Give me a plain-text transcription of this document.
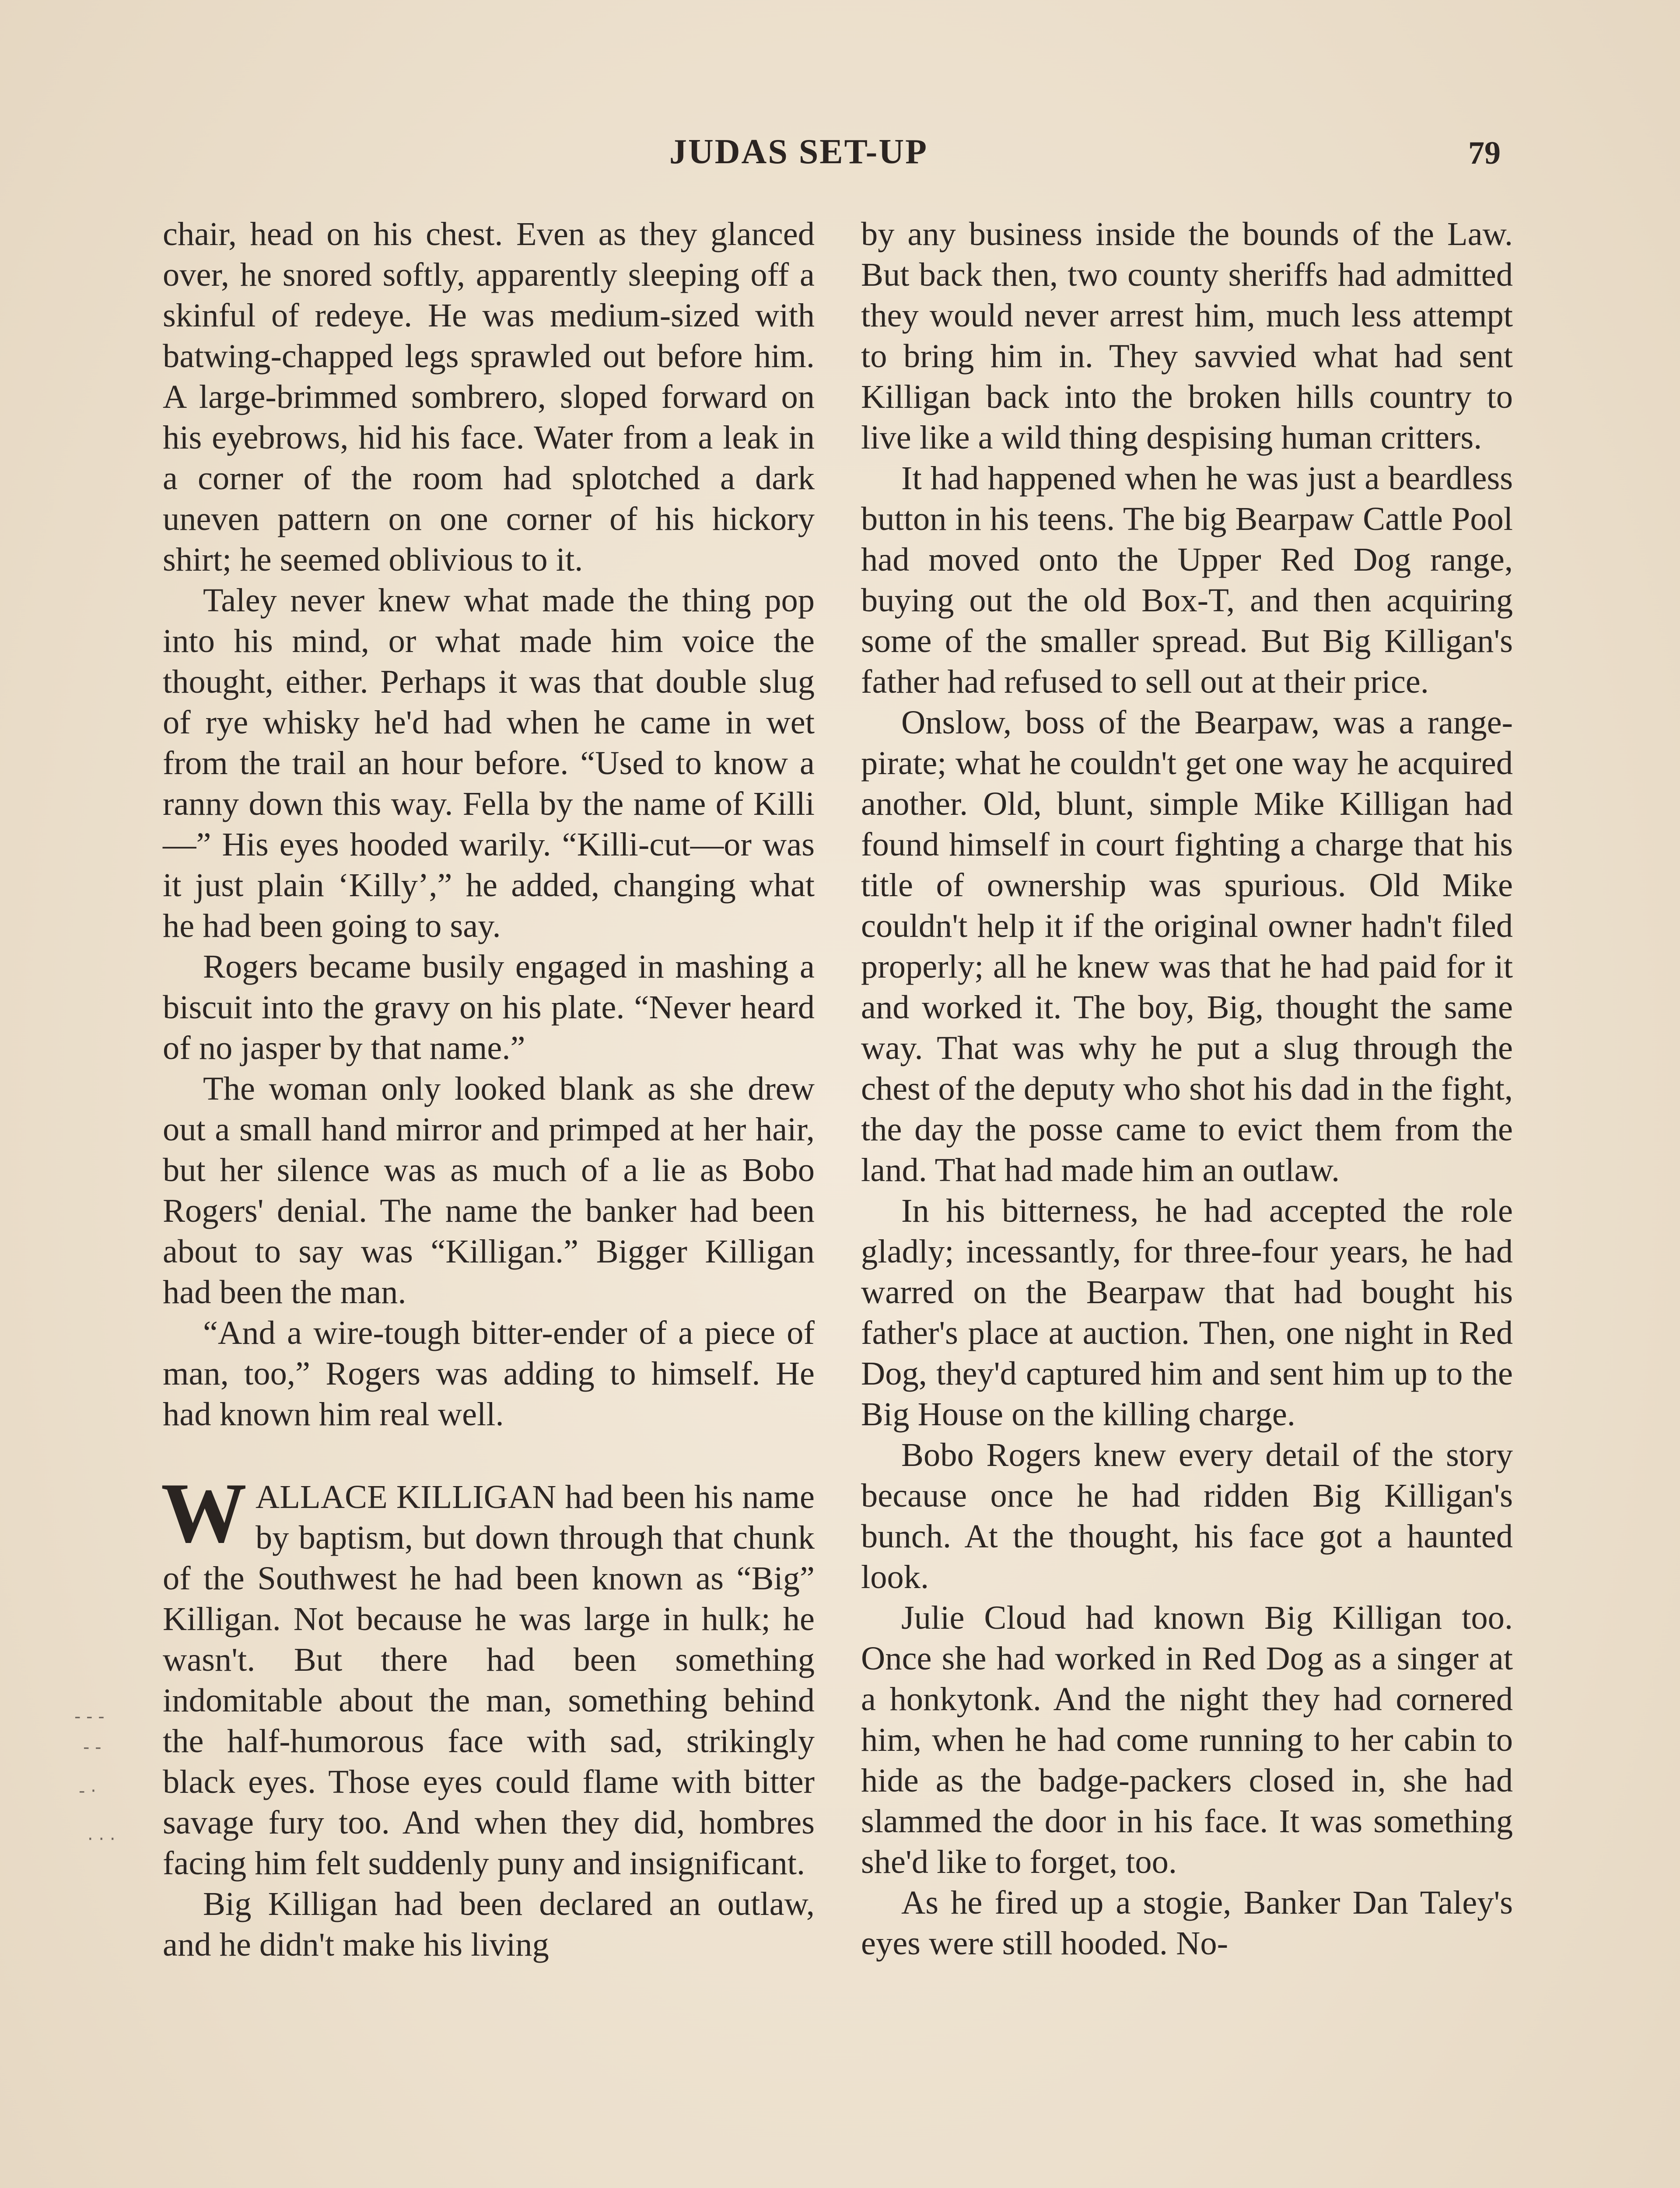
JUDAS SET-UP	79

chair, head on his chest. Even as they glanced over, he snored softly, apparently sleeping off a skinful of redeye. He was medium-sized with batwing-chapped legs sprawled out before him. A large-brimmed sombrero, sloped forward on his eyebrows, hid his face. Water from a leak in a corner of the room had splotched a dark uneven pattern on one corner of his hickory shirt; he seemed oblivious to it.

Taley never knew what made the thing pop into his mind, or what made him voice the thought, either. Perhaps it was that double slug of rye whisky he'd had when he came in wet from the trail an hour before. “Used to know a ranny down this way. Fella by the name of Killi—” His eyes hooded warily. “Killi-cut—or was it just plain ‘Killy’,” he added, changing what he had been going to say.

Rogers became busily engaged in mashing a biscuit into the gravy on his plate. “Never heard of no jasper by that name.”

The woman only looked blank as she drew out a small hand mirror and primped at her hair, but her silence was as much of a lie as Bobo Rogers' denial. The name the banker had been about to say was “Killigan.” Bigger Killigan had been the man.

“And a wire-tough bitter-ender of a piece of man, too,” Rogers was adding to himself. He had known him real well.

WALLACE KILLIGAN had been his name by baptism, but down through that chunk of the Southwest he had been known as “Big” Killigan. Not because he was large in hulk; he wasn't. But there had been something indomitable about the man, something behind the half-humorous face with sad, strikingly black eyes. Those eyes could flame with bitter savage fury too. And when they did, hombres facing him felt suddenly puny and insignificant.

Big Killigan had been declared an outlaw, and he didn't make his living

by any business inside the bounds of the Law. But back then, two county sheriffs had admitted they would never arrest him, much less attempt to bring him in. They savvied what had sent Killigan back into the broken hills country to live like a wild thing despising human critters.

It had happened when he was just a beardless button in his teens. The big Bearpaw Cattle Pool had moved onto the Upper Red Dog range, buying out the old Box-T, and then acquiring some of the smaller spread. But Big Killigan's father had refused to sell out at their price.

Onslow, boss of the Bearpaw, was a range-pirate; what he couldn't get one way he acquired another. Old, blunt, simple Mike Killigan had found himself in court fighting a charge that his title of ownership was spurious. Old Mike couldn't help it if the original owner hadn't filed properly; all he knew was that he had paid for it and worked it. The boy, Big, thought the same way. That was why he put a slug through the chest of the deputy who shot his dad in the fight, the day the posse came to evict them from the land. That had made him an outlaw.

In his bitterness, he had accepted the role gladly; incessantly, for three-four years, he had warred on the Bearpaw that had bought his father's place at auction. Then, one night in Red Dog, they'd captured him and sent him up to the Big House on the killing charge.

Bobo Rogers knew every detail of the story because once he had ridden Big Killigan's bunch. At the thought, his face got a haunted look.

Julie Cloud had known Big Killigan too. Once she had worked in Red Dog as a singer at a honkytonk. And the night they had cornered him, when he had come running to her cabin to hide as the badge-packers closed in, she had slammed the door in his face. It was something she'd like to forget, too.

As he fired up a stogie, Banker Dan Taley's eyes were still hooded. No-

- - -
- -
- ·
· · ·
